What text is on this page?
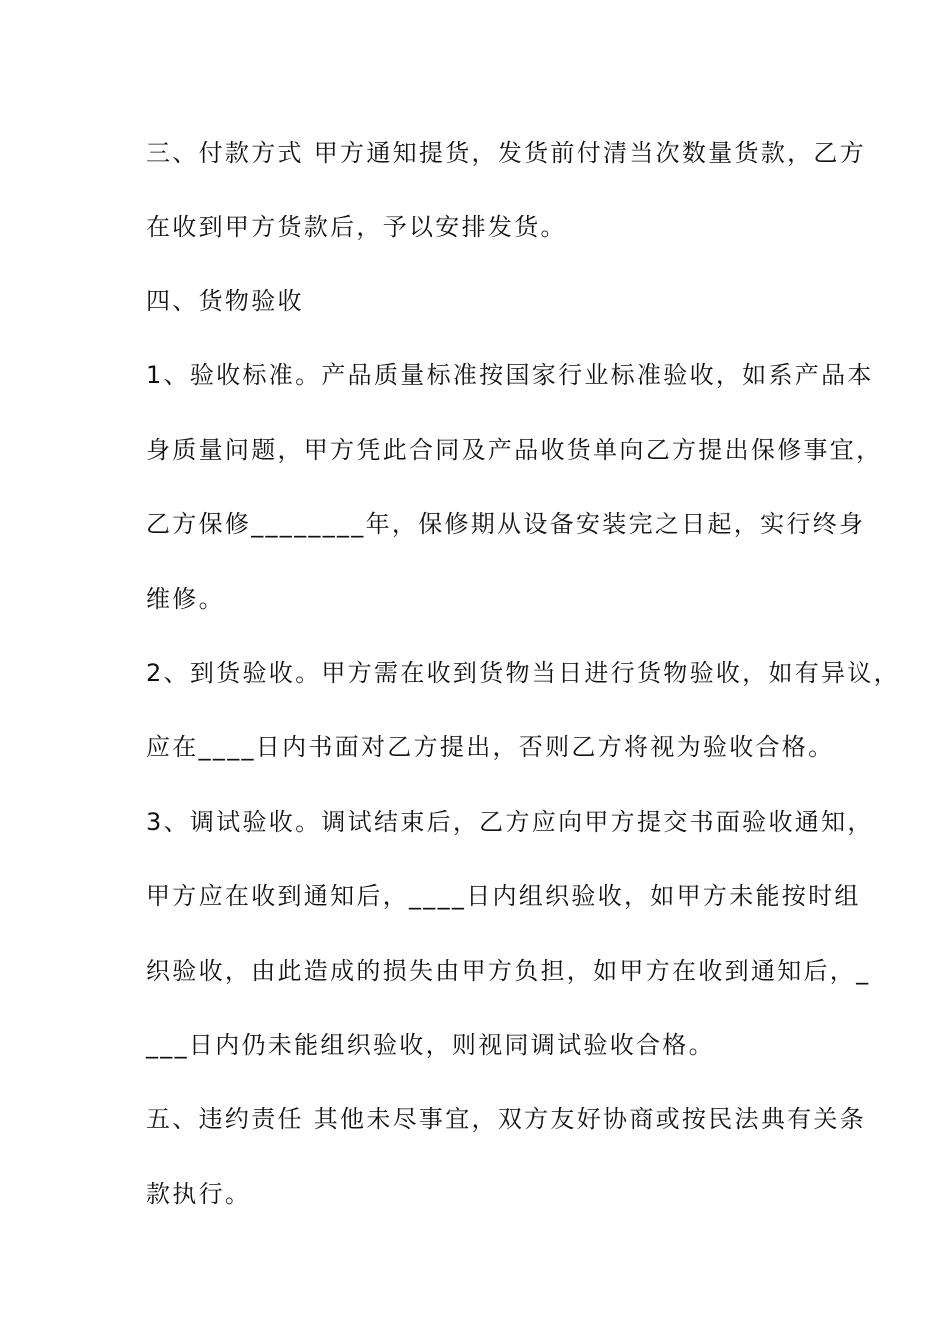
三、付款方式 甲方通知提货，发货前付清当次数量货款，乙方
在收到甲方货款后，予以安排发货。
四、货物验收
1、验收标准。产品质量标准按国家行业标准验收，如系产品本
身质量问题，甲方凭此合同及产品收货单向乙方提出保修事宜，
乙方保修________年，保修期从设备安装完之日起，实行终身
维修。
2、到货验收。甲方需在收到货物当日进行货物验收，如有异议，
应在____日内书面对乙方提出，否则乙方将视为验收合格。
3、调试验收。调试结束后，乙方应向甲方提交书面验收通知，
甲方应在收到通知后，____日内组织验收，如甲方未能按时组
织验收，由此造成的损失由甲方负担，如甲方在收到通知后，_
___日内仍未能组织验收，则视同调试验收合格。
五、违约责任 其他未尽事宜，双方友好协商或按民法典有关条
款执行。
